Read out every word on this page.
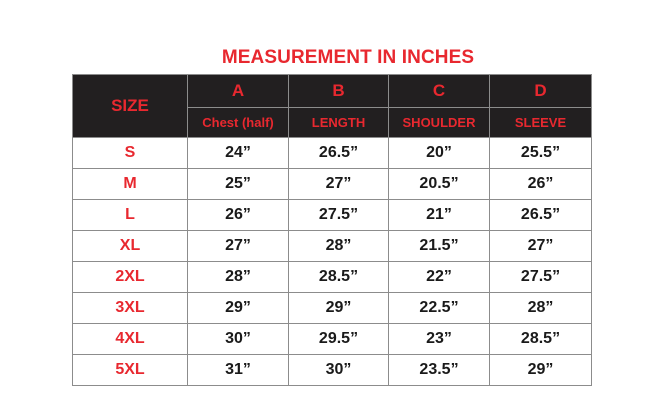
MEASUREMENT IN INCHES
SIZE	A	B	C	D
	Chest (half)	LENGTH	SHOULDER	SLEEVE
S	24”	26.5”	20”	25.5”
M	25”	27”	20.5”	26”
L	26”	27.5”	21”	26.5”
XL	27”	28”	21.5”	27”
2XL	28”	28.5”	22”	27.5”
3XL	29”	29”	22.5”	28”
4XL	30”	29.5”	23”	28.5”
5XL	31”	30”	23.5”	29”
